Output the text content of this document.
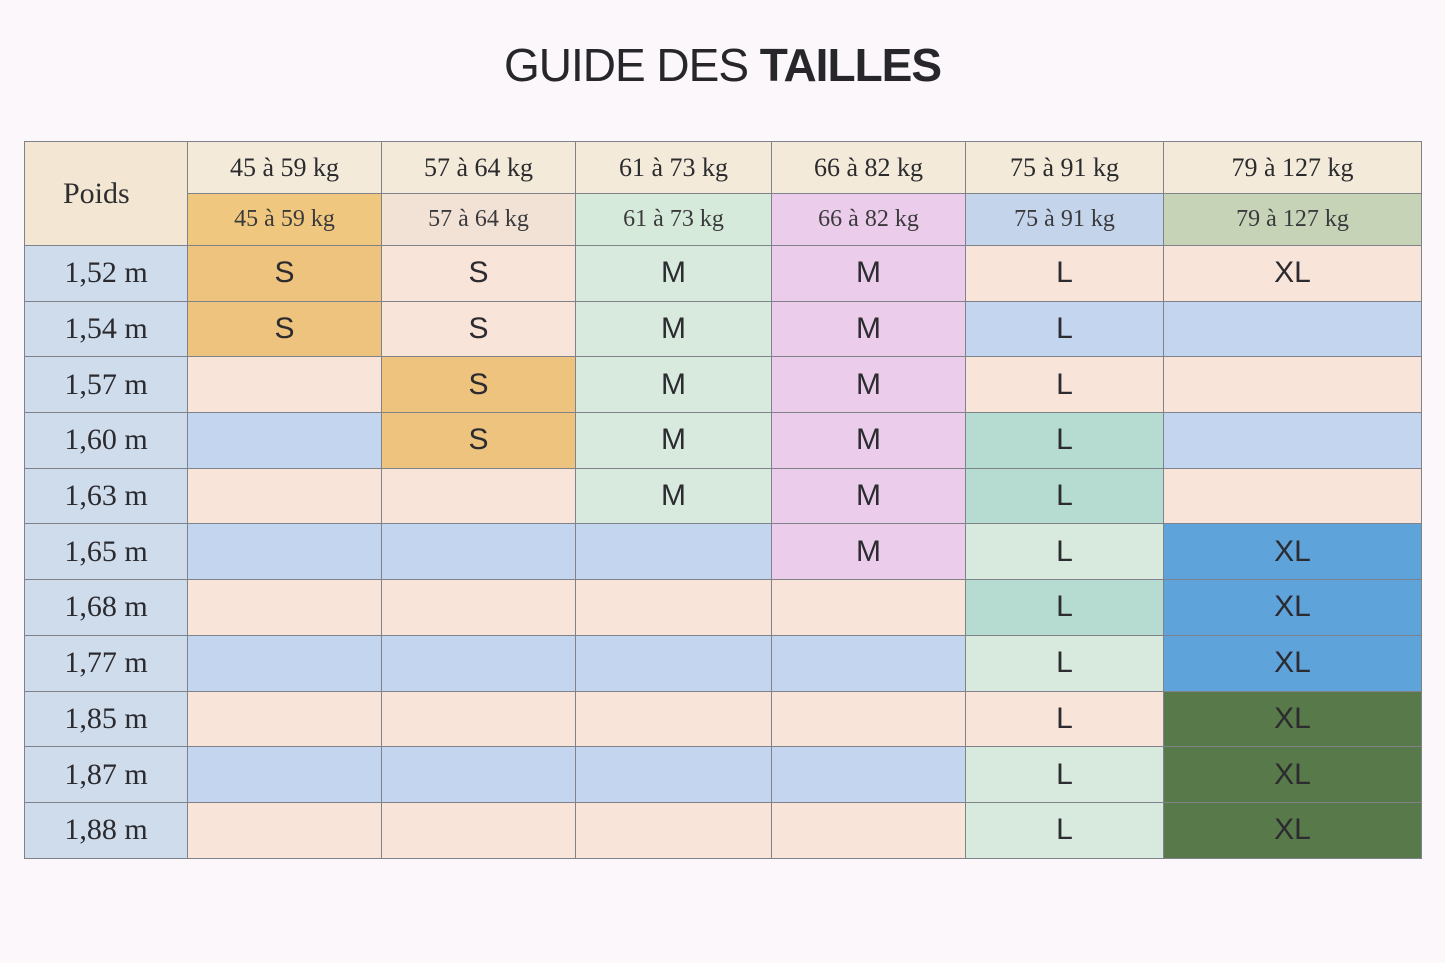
GUIDE DES TAILLES
Poids	45 à 59 kg	57 à 64 kg	61 à 73 kg	66 à 82 kg	75 à 91 kg	79 à 127 kg
	45 à 59 kg	57 à 64 kg	61 à 73 kg	66 à 82 kg	75 à 91 kg	79 à 127 kg
1,52 m	S	S	M	M	L	XL
1,54 m	S	S	M	M	L	
1,57 m		S	M	M	L	
1,60 m		S	M	M	L	
1,63 m			M	M	L	
1,65 m				M	L	XL
1,68 m					L	XL
1,77 m					L	XL
1,85 m					L	XL
1,87 m					L	XL
1,88 m					L	XL
